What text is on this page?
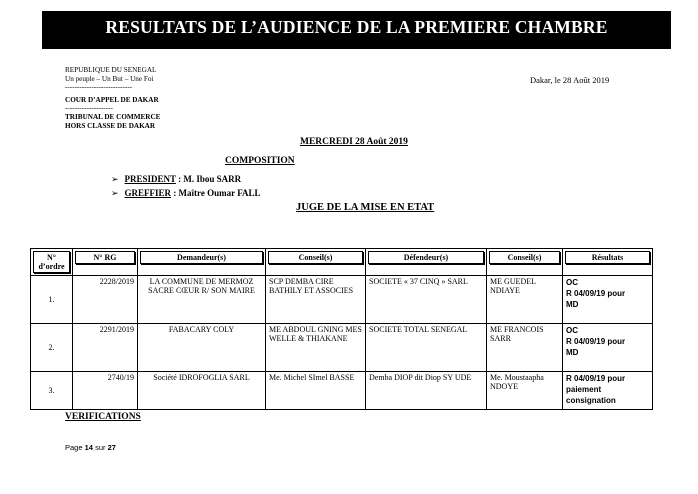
RESULTATS DE L’AUDIENCE DE LA PREMIERE CHAMBRE
REPUBLIQUE DU SENEGAL
Un peuple – Un But – Une Foi
----------------------------
COUR D’APPEL DE DAKAR
--------------------
TRIBUNAL DE COMMERCE
HORS CLASSE DE DAKAR
Dakar, le 28 Août 2019
MERCREDI 28 Août 2019
COMPOSITION
➢ PRESIDENT : M. Ibou SARR
➢ GREFFIER : Maître Oumar FALL
JUGE DE LA MISE EN ETAT
N° d’ordre	N° RG	Demandeur(s)	Conseil(s)	Défendeur(s)	Conseil(s)	Résultats

1.	2228/2019	LA COMMUNE DE MERMOZ SACRE CŒUR R/ SON MAIRE	SCP DEMBA CIRE BATHILY ET ASSOCIES	SOCIETE « 37 CINQ » SARL	ME GUEDEL NDIAYE	OC
R 04/09/19 pour
MD

2.	2291/2019	FABACARY COLY	ME ABDOUL GNING MES WELLE & THIAKANE	SOCIETE TOTAL SENEGAL	ME FRANCOIS SARR	OC
R 04/09/19 pour
MD

3.	2740/19	Société IDROFOGLIA SARL	Me. Michel SImel BASSE	Demba DIOP dit Diop SY UDE	Me. Moustaapha NDOYE	R 04/09/19 pour
paiement
consignation
VERIFICATIONS
Page 14 sur 27
